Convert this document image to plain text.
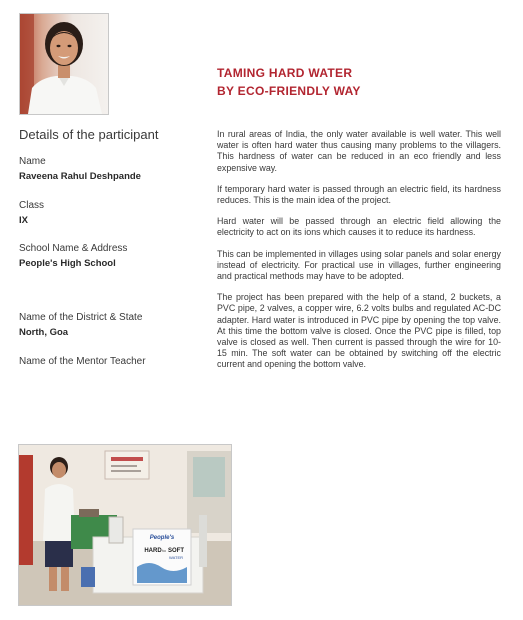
TAMING HARD WATER
BY ECO-FRIENDLY WAY
Details of the participant
Name
Raveena Rahul Deshpande
Class
IX
School Name & Address
People's High School
Name of the District & State
North, Goa
Name of the Mentor Teacher

In rural areas of India, the only water available is well water. This well water is often hard water thus causing many problems to the villagers. This hardness of water can be reduced in an eco friendly and less expensive way.

If temporary hard water is passed through an electric field, its hardness reduces. This is the main idea of the project.

Hard water will be passed through an electric field allowing the electricity to act on its ions which causes it to reduce its hardness.

This can be implemented in villages using solar panels and solar energy instead of electricity. For practical use in villages, further engineering and practical methods may have to be adopted.

The project has been prepared with the help of a stand, 2 buckets, a PVC pipe, 2 valves, a copper wire, 6.2 volts bulbs and regulated AC-DC adapter. Hard water is introduced in PVC pipe by opening the top valve. At this time the bottom valve is closed. Once the PVC pipe is filled, top valve is closed as well. Then current is passed through the wire for 10-15 min. The soft water can be obtained by switching off the electric current and opening the bottom valve.

People's
HARD to SOFT
WATER
